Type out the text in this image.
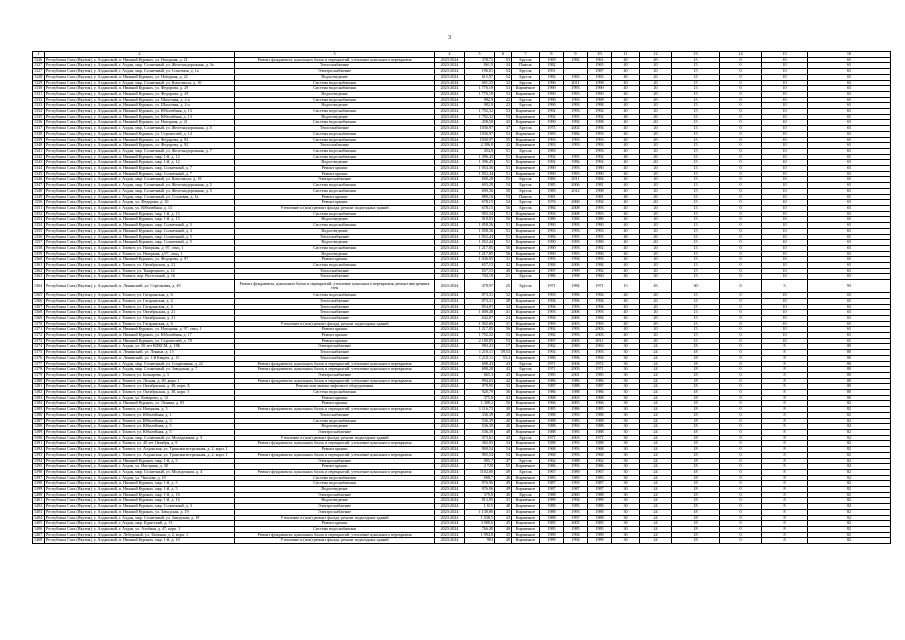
3
1	2	3	4	5	6	7	8	9	10	11	12	13	14	15	16
1326	Республика Саха (Якутия), у. Алданский, п. Нижний Куранах, ул. Нагорная, д. 21	Ремонт фундамента, цокольных балок и перекрытий, утепление цокольного перекрытия	2023-2024	378,72	53	Брусок	1969	1982	1961	40	20	15	0	10	65
1327	Республика Саха (Якутия), у. Алданский, г. Алдан, мкр. Солнечный, ул. Железнодорожная, д. 3а	Теплоснабжение	2023-2024	861,9	34	Панель	1982		1965	40	20	15	0	10	65
1327	Республика Саха (Якутия), у. Алданский, г. Алдан, мкр. Солнечный, ул. Спасения, д. 1а	Электроснабжение	2023-2024	196,01	54	Брусок	1951		1987	40	20	15	0	10	65
1328	Республика Саха (Якутия), у. Алданский, п. Нижний Куранах, ул. Нагорная, д. 22	Водоотведение	2023-2024	615,97	54	Брусок	1982	1965	1965	40	20	15	0	10	65
1329	Республика Саха (Якутия), у. Алданский, г. Алдан, мкр. Солнечный, ул. Комсомола, д. 10	Система водоснабжения	2023-2024	691,35	32	Брусок	1996	2011	1998	40	20	15	0	10	65
1330	Республика Саха (Якутия), у. Алданский, п. Нижний Куранах, ул. Федорова, д. 29	Система водоснабжения	2023-2024	1 776,18	53	Кирпичное	1990	1993	1990	40	20	15	0	10	65
1331	Республика Саха (Якутия), у. Алданский, п. Нижний Куранах, ул. Федорова, д. 29	Водоотведение	2023-2024	1 776,18	53	Кирпичное	1990	1993	1990	40	20	15	0	10	65
1332	Республика Саха (Якутия), у. Алданский, п. Нижний Куранах, ул. Шахтовая, д. 2-а	Система водоснабжения	2023-2024	982,9	22	Брусок	1990	1993	1998	40	20	15	0	10	65
1333	Республика Саха (Якутия), у. Алданский, п. Нижний Куранах, ул. Шахтовая, д. 2-а	Водоотведение	2023-2024	982,9	22	Брусок	1990	1993	1998	40	20	15	0	10	65
1334	Республика Саха (Якутия), у. Алданский, п. Нижний Куранах, ул. Юбилейная, д. 13	Система водоснабжения	2023-2024	1 792,32	53	Кирпичное	1992	1993	1992	40	20	15	0	10	65
1335	Республика Саха (Якутия), у. Алданский, п. Нижний Куранах, ул. Юбилейная, д. 13	Водоотведение	2023-2024	1 792,32	53	Кирпичное	1992	1993	1992	40	20	15	0	10	65
1336	Республика Саха (Якутия), у. Алданский, п. Нижний Куранах, ул. Нагорная, д. 21	Система водоснабжения	2023-2024	458,58	43	Кирпичное	1990	1992	1998	40	20	15	0	10	65
1337	Республика Саха (Якутия), у. Алданский, г. Алдан, мкр. Солнечный, ул. Железнодорожная, д. 5	Теплоснабжение	2023-2024	1036,97	37	Брусок	1975	2002	1994	40	20	15	0	10	65
1338	Республика Саха (Якутия), у. Алданский, п. Нижний Куранах, ул. Строителей, д. 14	Система водоснабжения	2023-2024	1036,97	53	Кирпичное	1983	1984	1993	40	20	15	0	10	65
1339	Республика Саха (Якутия), у. Алданский, п. Нижний Куранах, ул. Федорова, д. 92	Система водоснабжения	2023-2024	1036,97	55	Кирпичное	1993	1993	1993	40	20	15	0	10	65
1340	Республика Саха (Якутия), у. Алданский, п. Нижний Куранах, ул. Федорова, д. 92	Теплоснабжение	2023-2024	2 396,8	32	Кирпичное	1993	1993	1993	40	20	15	0	10	65
1341	Республика Саха (Якутия), у. Алданский, г. Алдан, мкр. Солнечный, ул. Железнодорожная, д. 7	Система водоснабжения	2023-2024	454,8	51	Брусок	1983		1993	40	20	15	0	10	65
1342	Республика Саха (Якутия), у. Алданский, п. Нижний Куранах, мкр. 1-й, д. 12	Система водоснабжения	2023-2024	1 396,45	51	Кирпичное	1992	1993	1992	40	20	15	0	10	65
1343	Республика Саха (Якутия), у. Алданский, п. Нижний Куранах, мкр. 1-й, д. 12	Водоотведение	2023-2024	1 396,45	51	Кирпичное	1992	1984	1992	40	20	15	0	10	65
1344	Республика Саха (Якутия), у. Алданский, п. Нижний Куранах, мкр. Солнечный, д. 7	Ремонт крыши	2023-2024	1 054,36	51	Кирпичное	1990	1993	1980	40	20	15	0	10	65
1345	Республика Саха (Якутия), у. Алданский, п. Нижний Куранах, мкр. Солнечный, д. 7	Ремонт крыши	2023-2024	1 052,44	51	Кирпичное	1990	1993	1990	40	20	15	0	10	65
1346	Республика Саха (Якутия), у. Алданский, г. Алдан, мкр. Солнечный, ул. Комсомола, д. 18	Электроснабжение	2023-2024	690,28	55	Брусок	1984	2011	1984	40	20	15	0	10	65
1347	Республика Саха (Якутия), у. Алданский, г. Алдан, мкр. Солнечный, ул. Железнодорожная, д. 5	Система водоснабжения	2023-2024	693,29	54	Брусок	1985	2006	1981	40	20	15	0	10	65
1348	Республика Саха (Якутия), у. Алданский, г. Алдан, мкр. Солнечный, ул. Железнодорожная, д. 5	Система водоснабжения	2023-2024	690,36	50	Брусок	1985	2012	1998	40	20	15	0	10	65
1349	Республика Саха (Якутия), у. Алданский, г. Алдан, мкр. Солнечный, ул. Сосновая, д. 1а	Ремонт крыши	2023-2024	889,16	53	Панель	1981		1981	40	20	15	0	10	65
1350	Республика Саха (Якутия), у. Алданский, г. Алдан, ул. Федорова, д. 10	Ремонт крыши	2023-2024	678,15	54	Брусок	1976	2000	1992	40	20	15	0	10	65
1351	Республика Саха (Якутия), у. Алданский, г. Алдан, ул. Юбилейная, д. 13	Утепление и (или) ремонт фасада, ремонт подъездных зданий	2023-2024	678,15	56	Брусок	1984	2008	1993	40	20	15	0	10	65
1352	Республика Саха (Якутия), у. Алданский, п. Нижний Куранах, мкр. 1-й, д. 15	Система водоснабжения	2023-2024	903,34	51	Кирпичное	1993	2008	1993	40	20	15	0	10	65
1353	Республика Саха (Якутия), у. Алданский, п. Нижний Куранах, мкр. 1-й, д. 15	Водоотведение	2023-2024	918,83	50	Кирпичное	1980	1984	1980	40	20	15	0	10	65
1354	Республика Саха (Якутия), у. Алданский, п. Нижний Куранах, мкр. Солнечный, д. 5	Система водоснабжения	2023-2024	1 058,36	51	Кирпичное	1990	1993	1990	40	20	15	0	10	65
1355	Республика Саха (Якутия), у. Алданский, п. Нижний Куранах, мкр. Солнечный, д. 3	Водоотведение	2023-2024	1 058,36	51	Кирпичное	1993	1993	1993	40	20	15	0	10	65
1356	Республика Саха (Якутия), у. Алданский, п. Нижний Куранах, мкр. Солнечный, д. 5	Теплоснабжение	2023-2024	1 052,44	51	Кирпичное	1984	1993	1993	40	20	15	0	10	65
1357	Республика Саха (Якутия), у. Алданский, п. Нижний Куранах, мкр. Солнечный, д. 5	Водоотведение	2023-2024	1 052,44	51	Кирпичное	1990	1993	1990	40	20	15	0	10	65
1358	Республика Саха (Якутия), у. Алданский, г. Томмот, ул. Нагорная, д. 97, секц. 1	Система водоснабжения	2023-2024	1 217,85	56	Кирпичное	1990	1993	1992	40	20	15	0	10	65
1359	Республика Саха (Якутия), у. Алданский, г. Томмот, ул. Нагорная, д.97, секц. 1	Водоотведение	2023-2024	1 217,85	56	Кирпичное	1990	1993	1990	40	20	15	0	10	65
1360	Республика Саха (Якутия), у. Алданский, п. Нижний Куранах, ул. Федорова, д. 97	Ремонт крыши	2023-2024	1 036,95	31	Кирпичное	1993	1994	1993	40	20	15	0	10	65
1361	Республика Саха (Якутия), у. Алданский, г. Томмот, ул. Октябрьская, д. 21	Система водоснабжения	2023-2024	657,15	42	Кирпичное	1984	2006	1984	40	20	15	0	10	65
1362	Республика Саха (Якутия), у. Алданский, г. Томмот, ул. Токарецкого, д. 12	Теплоснабжение	2023-2024	657,15	40	Кирпичное	1997	1999	1992	40	20	15	0	10	65
1363	Республика Саха (Якутия), у. Алданский, г. Томмот, пер. Восточный, д. 16	Теплоснабжение	2023-2024	704,18	21	Брусок	1986	1998	1960	40	20	15	0	10	65
1364	Республика Саха (Якутия), у. Алданский, п. Ленинский, ул. Стрелковая, д. 49	Ремонт фундамента, цокольных балок и перекрытий, утепление цокольного перекрытия, ремонт внутренних стен	2023-2024	478,97	25	Брусок	1971	1984	1971	15	45	30	0	5	95
1365	Республика Саха (Якутия), у. Алданский, г. Томмот, ул. Гагаринская, д. 6	Система водоснабжения	2023-2024	873,31	32	Кирпичное	1993	1996	1994	40	20	15	0	10	65
1366	Республика Саха (Якутия), у. Алданский, г. Томмот, ул. Гагаринская, д. 4	Теплоснабжение	2023-2024	873,31	38	Кирпичное	1994	1996	1994	40	20	15	0	10	65
1367	Республика Саха (Якутия), у. Алданский, г. Томмот, ул. Гагаринская, д. 4	Теплоснабжение	2023-2024	854,81	34	Кирпичное	1994	1993	1994	40	20	15	0	10	65
1368	Республика Саха (Якутия), у. Алданский, г. Томмот, ул. Октябрьская, д. 21	Теплоснабжение	2023-2024	1 008,48	41	Кирпичное	1993	2006	1993	40	20	15	0	10	65
1369	Республика Саха (Якутия), у. Алданский, г. Томмот, ул. Октябрьская, д. 21	Теплоснабжение	2023-2024	642,07	24	Кирпичное	1994	2006	1984	40	20	15	0	10	65
1370	Республика Саха (Якутия), у. Алданский, г. Томмот, ул. Гагаринская, д. 6	Утепление и (или) ремонт фасада, ремонт подъездных зданий	2023-2024	1 002,66	31	Кирпичное	1993	2003	1993	40	20	15	0	10	65
1371	Республика Саха (Якутия), у. Алданский, п. Нижний Куранах, ул. Нагорная, д. 97, секц. 1	Ремонт крыши	2023-2024	1 217,85	56	Кирпичное	1992	1993	2003	40	20	15	0	10	65
1372	Республика Саха (Якутия), у. Алданский, п. Нижний Куранах, ул. Юбилейная, д. 17	Ремонт крыши	2023-2024	1 792,32	53	Кирпичное	1982	1993	2003	40	20	15	0	10	65
1373	Республика Саха (Якутия), у. Алданский, п. Нижний Куранах, ул. Строителей, д. 78	Ремонт крыши	2023-2024	2 180,85	53	Кирпичное	1997	2003	2011	40	20	15	0	10	65
1374	Республика Саха (Якутия), у. Алданский, г. Алдан, ул. 50 лет ВЛКСМ, д. 18Б	Электроснабжение	2023-2024	983,41	17	Кирпичное	1962	1969	1963	30	24	18	0	8	80
1375	Республика Саха (Якутия), у. Алданский, п. Ленинский, ул. Ленина, д. 15	Теплоснабжение	2023-2024	1 210,11	59,53	Кирпичное	1992	1993	1993	30	24	18	0	8	80
1376	Республика Саха (Якутия), у. Алданский, п. Ленинский, ул. 1-й Кварта, д. 15	Теплоснабжение	2023-2024	1 210,11	53,4	Кирпичное	1986	1996	1994	30	24	18	0	8	80
1377	Республика Саха (Якутия), у. Алданский, г. Алдан, мкр. Солнечный, ул. Спортивная, д. 22	Ремонт фундамента, цокольных балок и перекрытий, утепление цокольного перекрытия	2023-2024	698,43	43	Брусок	1971	2004	1972	30	24	18	0	8	80
1378	Республика Саха (Якутия), у. Алданский, г. Алдан, мкр. Солнечный, ул. Заводская, д. 7	Ремонт фундамента, цокольных балок и перекрытий, утепление цокольного перекрытия	2023-2024	698,28	43	Брусок	1971	2003	1971	30	24	18	0	8	80
1379	Республика Саха (Якутия), у. Алданский, г. Томмот, ул. Бочкарева, д. 3	Электроснабжение	2023-2024	865,3	43	Кирпичное	1985	2001	1985	30	24	18	0	8	80
1380	Республика Саха (Якутия), у. Алданский, г. Томмот, ул. Лесная, д. 40, корп. 1	Ремонт фундамента, цокольных балок и перекрытий, утепление цокольного перекрытия	2023-2024	994,63	42	Кирпичное	1986	1986	1986	30	24	18	0	8	80
1381	Республика Саха (Якутия), у. Алданский, г. Томмот, ул. Октябрьская, д. 38, корп. Б	Ремонт или замена лифтового оборудования	2023-2024	979,95	33	Кирпичное	1987	1988	1987	30	24	18	0	8	80
1382	Республика Саха (Якутия), у. Алданский, г. Томмот, ул. Октябрьская, д. 38, корп. 5	Система водоснабжения	2023-2024	920,79	36	Кирпичное	1986	1988	1986	30	24	18	0	8	80
1383	Республика Саха (Якутия), у. Алданский, г. Алдан, ул. Комарова, д. 12	Ремонт крыши	2023-2024	375,8	43	Кирпичное	1968	2003	1968	30	24	18	0	8	80
1384	Республика Саха (Якутия), у. Алданский, п. Нижний Куранах, ул. Ленина, д. 85	Ремонт крыши	2023-2024	1 308,2	50	Кирпичное	1966	2005	1966	30	24	18	0	8	82
1385	Республика Саха (Якутия), у. Алданский, г. Томмот, ул. Нагорная, д. 5	Ремонт фундамента, цокольных балок и перекрытий, утепление цокольного перекрытия	2023-2024	1 116,73	40	Кирпичное	1985	1986	1985	30	24	18	0	8	82
1386	Республика Саха (Якутия), у. Алданский, г. Томмот, ул. Юбилейная, д. 1	Теплоснабжение	2023-2024	336,39	40	Кирпичное	1988	1993	1988	30	24	18	0	8	82
1387	Республика Саха (Якутия), у. Алданский, г. Томмот, ул. Юбилейная, д. 3	Система водоснабжения	2023-2024	536,39	40	Кирпичное	1988	1983	1988	30	24	18	0	8	82
1388	Республика Саха (Якутия), у. Алданский, г. Томмот, ул. Юбилейная, д. 5	Водоотведение	2023-2024	536,39	40	Кирпичное	1988	1993	1988	30	24	18	0	8	82
1389	Республика Саха (Якутия), у. Алданский, г. Томмот, ул. Юбилейная, д. 5	Электроснабжение	2023-2024	536,39	40	Кирпичное	1988	1983	1988	30	24	18	0	8	82
1390	Республика Саха (Якутия), у. Алданский, г. Алдан, мкр. Солнечный, ул. Молодежная, д. 5	Утепление и (или) ремонт фасада, ремонт подъездных зданий	2023-2024	373,61	43	Брусок	1971	2003	1971	30	24	18	0	8	82
1391	Республика Саха (Якутия), у. Алданский, г. Томмот, ул. 40 лет Октября, д. 8	Ремонт фундамента, цокольных балок и перекрытий, утепление цокольного перекрытия	2023-2024	382,05	33	Кирпичное	1988	1993	1988	30	24	18	0	8	82
1392	Республика Саха (Якутия), у. Алданский, г. Томмот, ул. Алданская, ул. Трансмагистральная, д. 2, корп. 1	Ремонт крыши	2023-2024	900,54	54	Кирпичное	1968	1993	1968	30	24	18	0	8	82
1393	Республика Саха (Якутия), у. Алданский, г. Томмот, ул. Алданская, ул. Трансмагистральная, д. 2, корп. 1	Ремонт фундамента, цокольных балок и перекрытий, утепление цокольного перекрытия	2023-2024	905,54	54	Кирпичное	1968	1993	1968	30	24	18	0	8	82
1394	Республика Саха (Якутия), у. Алданский, п. Нижний Куранах, мкр. 1-й, д. 5	Электроснабжение	2023-2024	905,7	47	Брусок	1962	1988	1962	30	24	18	0	8	82
1395	Республика Саха (Якутия), у. Алданский, г. Алдан, ул. Нагорная, д. 30	Ремонт крыши	2023-2024	2 728	55	Кирпичное	1986	1993	1986	30	24	18	0	8	82
1396	Республика Саха (Якутия), у. Алданский, г. Алдан, мкр. Солнечный, ул. Молодежная, д. 4	Ремонт фундамента, цокольных балок и перекрытий, утепление цокольного перекрытия	2023-2024	1102,06	49	Брусок	1967	1989	1967	30	24	18	0	8	82
1397	Республика Саха (Якутия), у. Алданский, г. Алдан, ул. Чкалова, д. 19	Система водоснабжения	2023-2024	908,7	46	Кирпичное	1983	1985	1983	30	24	18	0	8	82
1398	Республика Саха (Якутия), у. Алданский, п. Нижний Куранах, мкр. 1-й, д. 5	Система водоснабжения	2023-2024	976,96	49	Кирпичное	1987	1993	1987	30	24	18	0	8	82
1399	Республика Саха (Якутия), у. Алданский, п. Нижний Куранах, мкр. 1-й, д. 5	Водоотведение	2023-2024	976,96	49	Кирпичное	1987	1987	1987	30	24	18	0	8	82
1400	Республика Саха (Якутия), у. Алданский, п. Нижний Куранах, мкр. 1-й, д. 16	Электроснабжение	2023-2024	379,8	46	Брусок	1988	2000	1988	30	24	18	0	8	82
1401	Республика Саха (Якутия), у. Алданский, п. Нижний Куранах, мкр. 1-й, д. 16	Водоотведение	2023-2024	813,95	31	Кирпичное	1989	1994	1989	30	24	18	0	8	82
1402	Республика Саха (Якутия), у. Алданский, п. Нижний Куранах, мкр. Солнечный, д. 3	Электроснабжение	2023-2024	1 615	48	Кирпичное	1989	1985	1989	30	24	18	0	8	82
1403	Республика Саха (Якутия), у. Алданский, п. Нижний Куранах, ул. Заводская, д. 19	Электроснабжение	2023-2024	1 130,06	31	Кирпичное	1988	1993	1988	30	24	18	0	8	82
1404	Республика Саха (Якутия), у. Алданский, г. Алдан, мкр. Солнечный, ул. Заводская, д. 19	Утепление и (или) ремонт фасада, ремонт подъездных зданий	2023-2024	1 038,5	43	Кирпичное	1988	1997	1988	30	24	18	0	8	82
1405	Республика Саха (Якутия), у. Алданский, г. Алдан, мкр. Бурятский, д. 15	Ремонт крыши	2023-2024	3 988,6	45	Кирпичное	1985	2005	1985	30	24	18	0	8	82
1406	Республика Саха (Якутия), у. Алданский, г. Алдан, ул. Азобная, д. 47, корп. 1	Система водоснабжения	2023-2024	766,48	46	Кирпичное	1985	1985	1985	30	24	18	0	8	82
1407	Республика Саха (Якутия), у. Алданский, п. Лебединый, ул. Таежная, д. 2, корп. 1	Ремонт фундамента, цокольных балок и перекрытий, утепление цокольного перекрытия	2023-2024	1 994,8	45	Кирпичное	1989	1994	1989	30	24	18	0	8	82
1408	Республика Саха (Якутия), у. Алданский, п. Нижний Куранах, мкр. 1-й, д. 10	Утепление и (или) ремонт фасада, ремонт подъездных зданий	2023-2024	963	40	Кирпичное	1989	1994	1989	30	24	18	0	8	82
